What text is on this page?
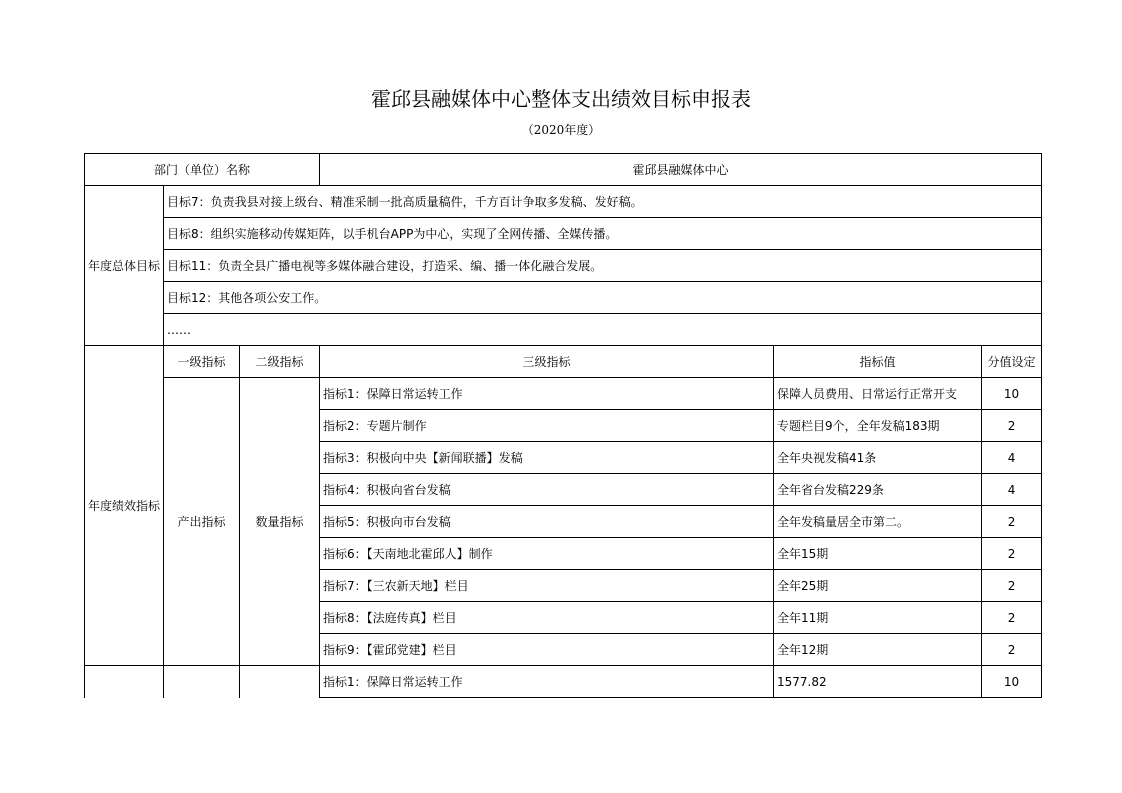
霍邱县融媒体中心整体支出绩效目标申报表
（2020年度）
部门（单位）名称			霍邱县融媒体中心		
年度总体目标	目标7：负责我县对接上级台、精准采制一批高质量稿件，千方百计争取多发稿、发好稿。				
	目标8：组织实施移动传媒矩阵，以手机台APP为中心，实现了全网传播、全媒传播。				
	目标11：负责全县广播电视等多媒体融合建设，打造采、编、播一体化融合发展。				
	目标12：其他各项公安工作。				
	……				
年度绩效指标	一级指标	二级指标	三级指标	指标值	分值设定
	产出指标	数量指标	指标1：保障日常运转工作	保障人员费用、日常运行正常开支	10
			指标2：专题片制作	专题栏目9个，全年发稿183期	2
			指标3：积极向中央【新闻联播】发稿	全年央视发稿41条	4
			指标4：积极向省台发稿	全年省台发稿229条	4
			指标5：积极向市台发稿	全年发稿量居全市第二。	2
			指标6：【天南地北霍邱人】制作	全年15期	2
			指标7：【三农新天地】栏目	全年25期	2
			指标8：【法庭传真】栏目	全年11期	2
			指标9：【霍邱党建】栏目	全年12期	2
			指标1：保障日常运转工作	1577.82	10
